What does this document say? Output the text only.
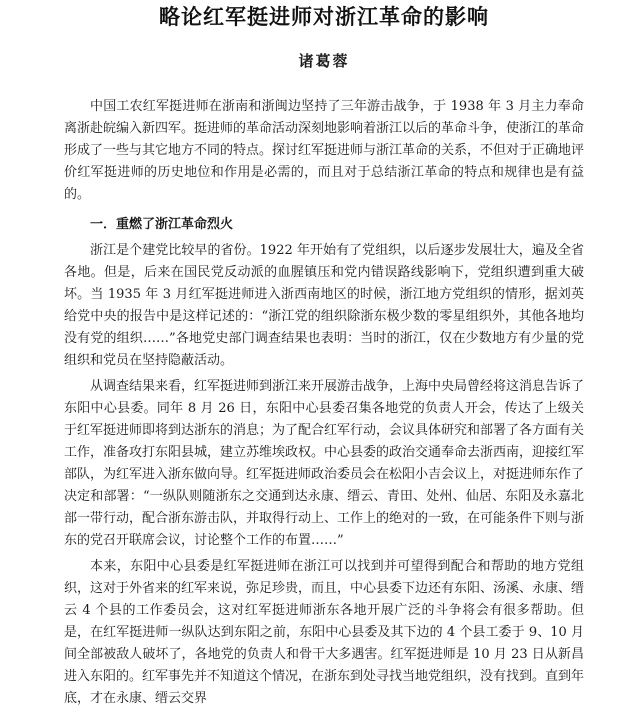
略论红军挺进师对浙江革命的影响
诸葛蓉

中国工农红军挺进师在浙南和浙闽边坚持了三年游击战争，于 1938 年 3 月主力奉命离浙赴皖编入新四军。挺进师的革命活动深刻地影响着浙江以后的革命斗争，使浙江的革命形成了一些与其它地方不同的特点。探讨红军挺进师与浙江革命的关系，不但对于正确地评价红军挺进师的历史地位和作用是必需的，而且对于总结浙江革命的特点和规律也是有益的。

一．重燃了浙江革命烈火

浙江是个建党比较早的省份。1922 年开始有了党组织，以后逐步发展壮大，遍及全省各地。但是，后来在国民党反动派的血腥镇压和党内错误路线影响下，党组织遭到重大破坏。当 1935 年 3 月红军挺进师进入浙西南地区的时候，浙江地方党组织的情形，据刘英给党中央的报告中是这样记述的：“浙江党的组织除浙东极少数的零星组织外，其他各地均没有党的组织……”各地党史部门调查结果也表明：当时的浙江，仅在少数地方有少量的党组织和党员在坚持隐蔽活动。

从调查结果来看，红军挺进师到浙江来开展游击战争，上海中央局曾经将这消息告诉了东阳中心县委。同年 8 月 26 日，东阳中心县委召集各地党的负责人开会，传达了上级关于红军挺进师即将到达浙东的消息；为了配合红军行动，会议具体研究和部署了各方面有关工作，准备攻打东阳县城，建立苏维埃政权。中心县委的政治交通奉命去浙西南，迎接红军部队，为红军进入浙东做向导。红军挺进师政治委员会在松阳小吉会议上，对挺进师东作了决定和部署：“一纵队则随浙东之交通到达永康、缙云、青田、处州、仙居、东阳及永嘉北部一带行动，配合浙东游击队，并取得行动上、工作上的绝对的一致，在可能条件下则与浙东的党召开联席会议，讨论整个工作的布置……”

本来，东阳中心县委是红军挺进师在浙江可以找到并可望得到配合和帮助的地方党组织，这对于外省来的红军来说，弥足珍贵，而且，中心县委下边还有东阳、汤溪、永康、缙云 4 个县的工作委员会，这对红军挺进师浙东各地开展广泛的斗争将会有很多帮助。但是，在红军挺进师一纵队达到东阳之前，东阳中心县委及其下边的 4 个县工委于 9、10 月间全部被敌人破坏了，各地党的负责人和骨干大多遇害。红军挺进师是 10 月 23 日从新昌进入东阳的。红军事先并不知道这个情况，在浙东到处寻找当地党组织，没有找到。直到年底，才在永康、缙云交界
